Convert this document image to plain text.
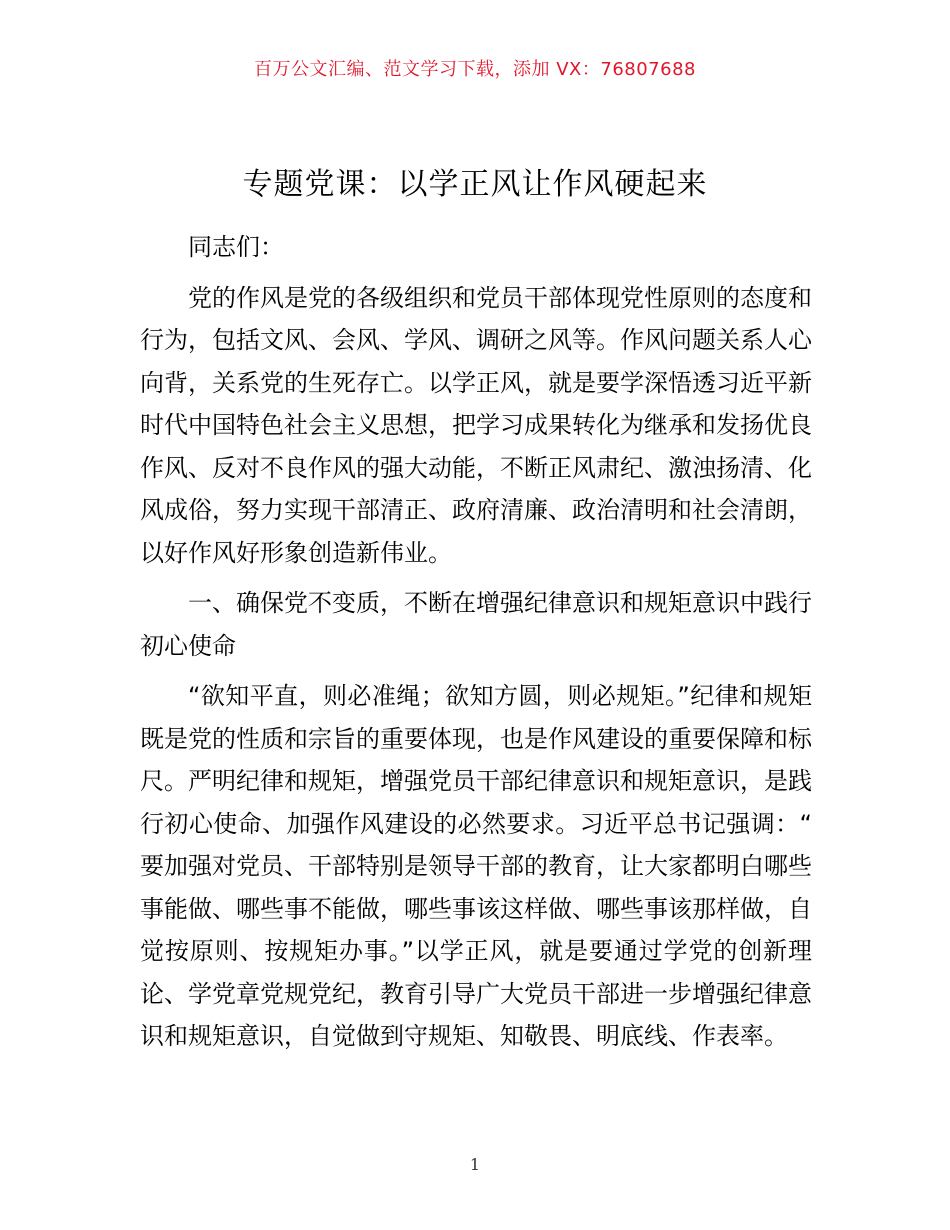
百万公文汇编、范文学习下载，添加 VX：76807688
专题党课：以学正风让作风硬起来

同志们：

党的作风是党的各级组织和党员干部体现党性原则的态度和行为，包括文风、会风、学风、调研之风等。作风问题关系人心向背，关系党的生死存亡。以学正风，就是要学深悟透习近平新时代中国特色社会主义思想，把学习成果转化为继承和发扬优良作风、反对不良作风的强大动能，不断正风肃纪、激浊扬清、化风成俗，努力实现干部清正、政府清廉、政治清明和社会清朗，以好作风好形象创造新伟业。

一、确保党不变质，不断在增强纪律意识和规矩意识中践行初心使命

“欲知平直，则必准绳；欲知方圆，则必规矩。”纪律和规矩既是党的性质和宗旨的重要体现，也是作风建设的重要保障和标尺。严明纪律和规矩，增强党员干部纪律意识和规矩意识，是践行初心使命、加强作风建设的必然要求。习近平总书记强调：“要加强对党员、干部特别是领导干部的教育，让大家都明白哪些事能做、哪些事不能做，哪些事该这样做、哪些事该那样做，自觉按原则、按规矩办事。”以学正风，就是要通过学党的创新理论、学党章党规党纪，教育引导广大党员干部进一步增强纪律意识和规矩意识，自觉做到守规矩、知敬畏、明底线、作表率。

1
